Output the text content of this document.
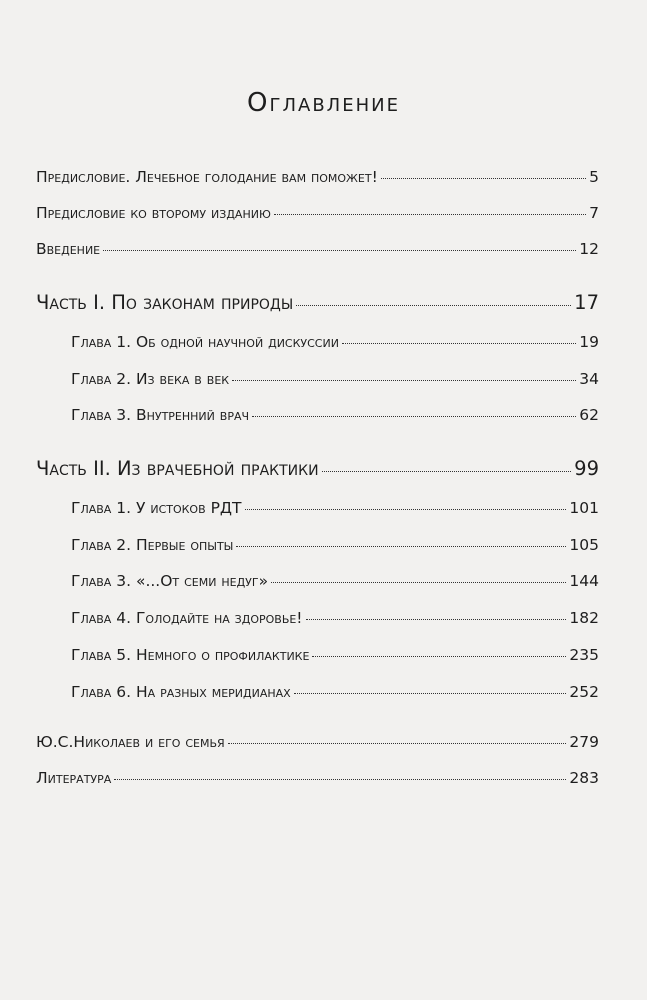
Оглавление
Предисловие. Лечебное голодание вам поможет!	5
Предисловие ко второму изданию	7
Введение	12
Часть I. По законам природы	17
Глава 1. Об одной научной дискуссии	19
Глава 2. Из века в век	34
Глава 3. Внутренний врач	62
Часть II. Из врачебной практики	99
Глава 1. У истоков РДТ	101
Глава 2. Первые опыты	105
Глава 3. «...От семи недуг»	144
Глава 4. Голодайте на здоровье!	182
Глава 5. Немного о профилактике	235
Глава 6. На разных меридианах	252
Ю.С.Николаев и его семья	279
Литература	283
